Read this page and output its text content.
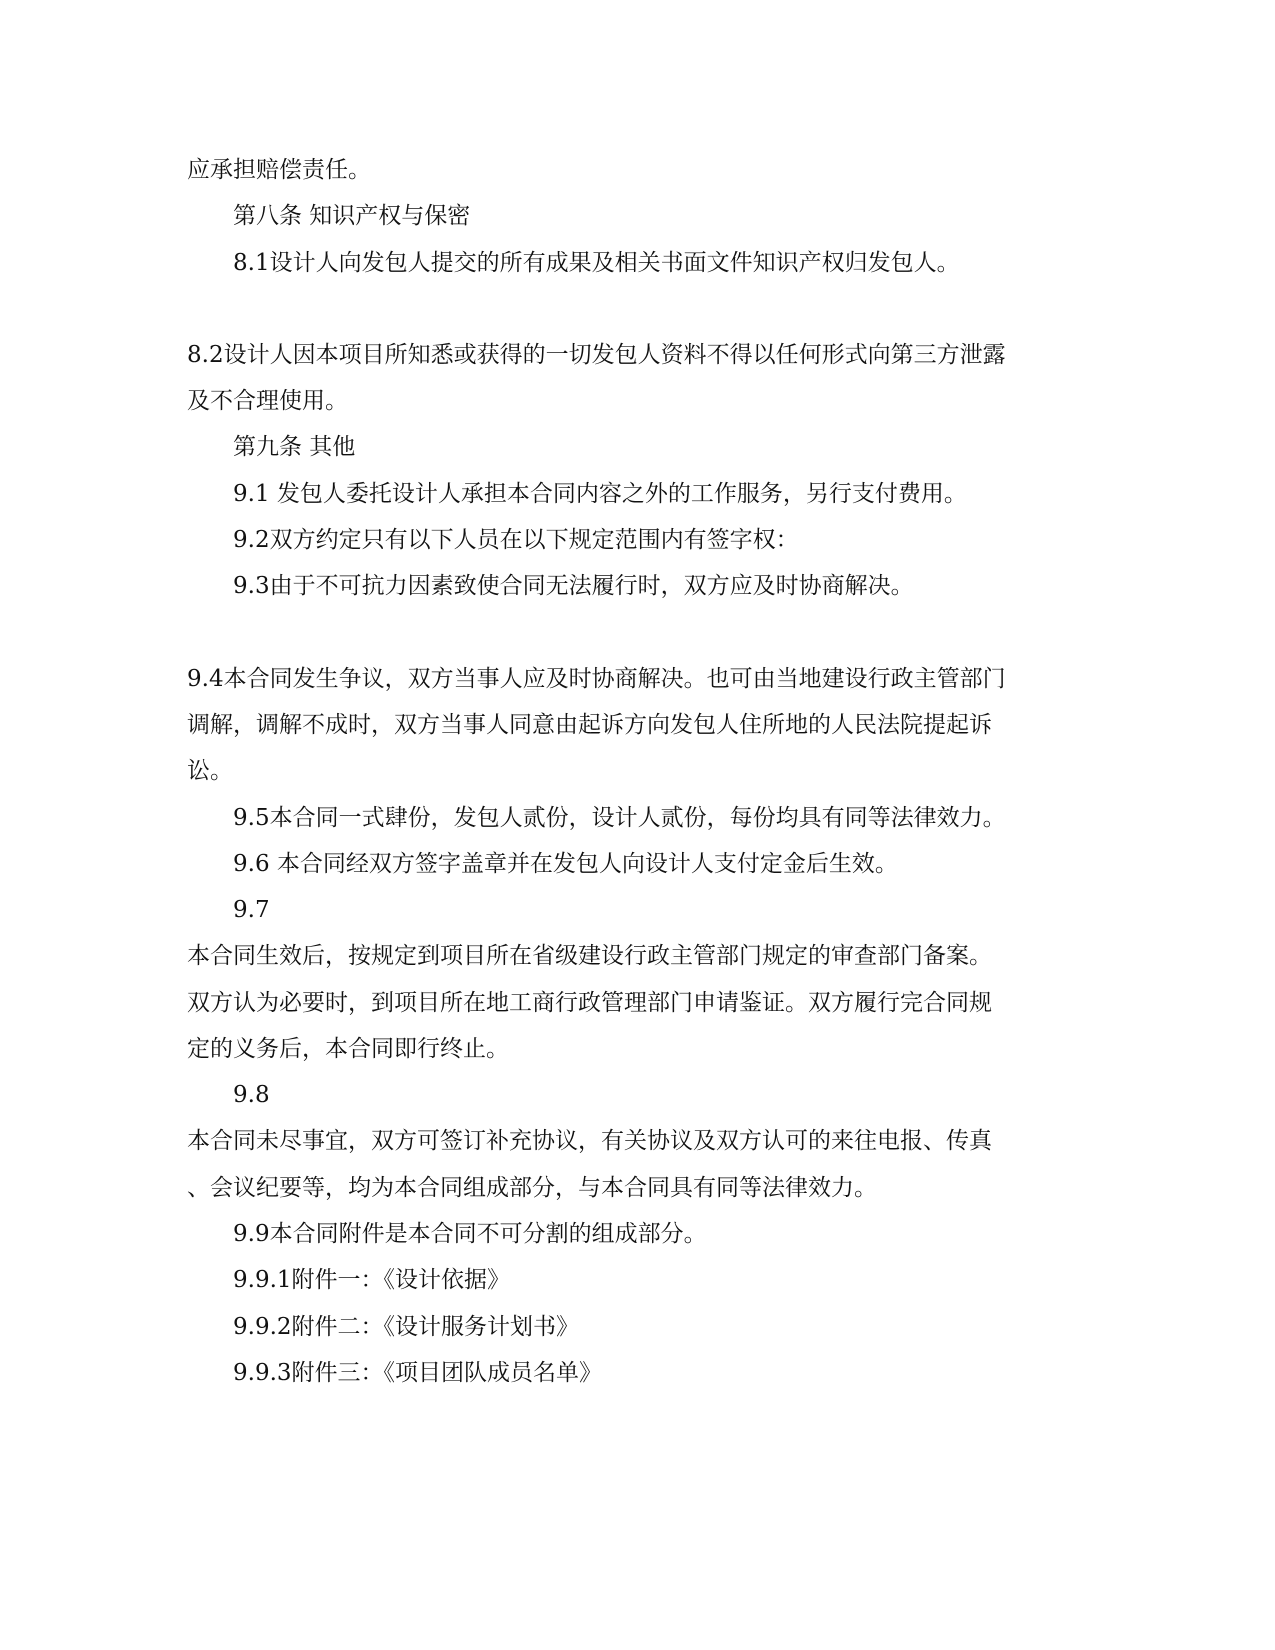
应承担赔偿责任。
第八条 知识产权与保密
8.1设计人向发包人提交的所有成果及相关书面文件知识产权归发包人。
8.2设计人因本项目所知悉或获得的一切发包人资料不得以任何形式向第三方泄露
及不合理使用。
第九条 其他
9.1 发包人委托设计人承担本合同内容之外的工作服务，另行支付费用。
9.2双方约定只有以下人员在以下规定范围内有签字权：
9.3由于不可抗力因素致使合同无法履行时，双方应及时协商解决。
9.4本合同发生争议，双方当事人应及时协商解决。也可由当地建设行政主管部门
调解，调解不成时，双方当事人同意由起诉方向发包人住所地的人民法院提起诉
讼。
9.5本合同一式肆份，发包人贰份，设计人贰份，每份均具有同等法律效力。
9.6 本合同经双方签字盖章并在发包人向设计人支付定金后生效。
9.7
本合同生效后，按规定到项目所在省级建设行政主管部门规定的审查部门备案。
双方认为必要时，到项目所在地工商行政管理部门申请鉴证。双方履行完合同规
定的义务后，本合同即行终止。
9.8
本合同未尽事宜，双方可签订补充协议，有关协议及双方认可的来往电报、传真
、会议纪要等，均为本合同组成部分，与本合同具有同等法律效力。
9.9本合同附件是本合同不可分割的组成部分。
9.9.1附件一：《设计依据》
9.9.2附件二：《设计服务计划书》
9.9.3附件三：《项目团队成员名单》
